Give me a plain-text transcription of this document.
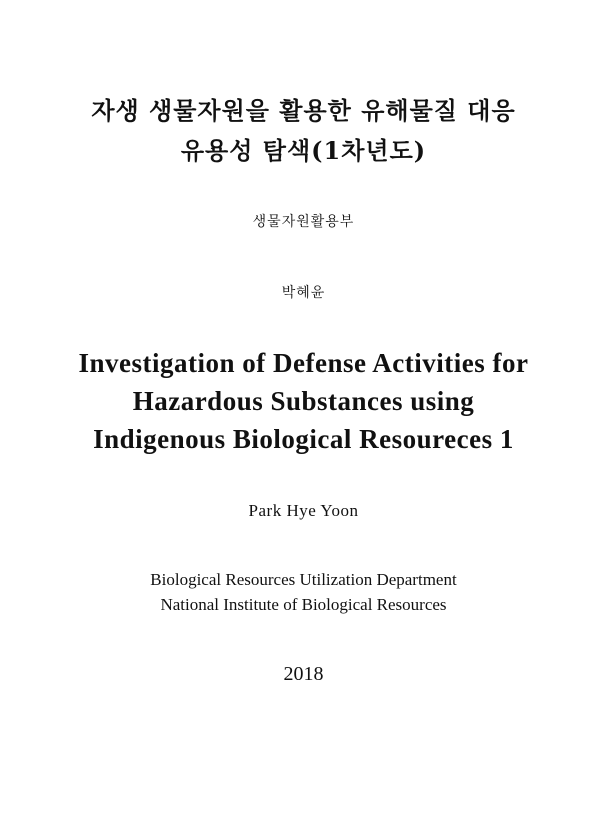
자생 생물자원을 활용한 유해물질 대응
유용성 탐색(1차년도)

생물자원활용부

박혜윤

Investigation of Defense Activities for
Hazardous Substances using
Indigenous Biological Resoureces 1

Park Hye Yoon

Biological Resources Utilization Department

National Institute of Biological Resources

2018
